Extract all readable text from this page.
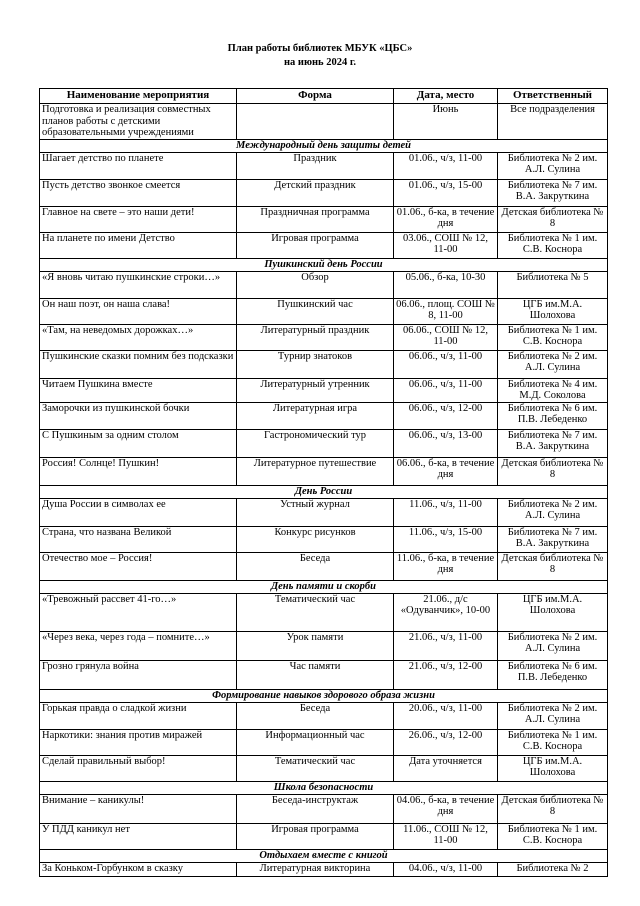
План работы библиотек МБУК «ЦБС»
на июнь 2024 г.
Наименование мероприятия	Форма	Дата, место	Ответственный
Подготовка и реализация совместных планов работы с детскими образовательными учреждениями		Июнь	Все подразделения
Международный день защиты детей			
Шагает детство по планете	Праздник	01.06., ч/з, 11-00	Библиотека № 2 им. А.Л. Сулина
Пусть детство звонкое смеется	Детский праздник	01.06., ч/з, 15-00	Библиотека № 7 им. В.А. Закруткина
Главное на свете – это наши дети!	Праздничная программа	01.06., б-ка, в течение дня	Детская библиотека № 8
На планете по имени Детство	Игровая программа	03.06., СОШ № 12, 11-00	Библиотека № 1 им. С.В. Коснора
Пушкинский день России			
«Я вновь читаю пушкинские строки…»	Обзор	05.06., б-ка, 10-30	Библиотека № 5
Он наш поэт, он наша слава!	Пушкинский час	06.06., площ. СОШ № 8, 11-00	ЦГБ им.М.А. Шолохова
«Там, на неведомых дорожках…»	Литературный праздник	06.06., СОШ № 12, 11-00	Библиотека № 1 им. С.В. Коснора
Пушкинские сказки помним без подсказки	Турнир знатоков	06.06., ч/з, 11-00	Библиотека № 2 им. А.Л. Сулина
Читаем Пушкина вместе	Литературный утренник	06.06., ч/з, 11-00	Библиотека № 4 им. М.Д. Соколова
Заморочки из пушкинской бочки	Литературная игра	06.06., ч/з, 12-00	Библиотека № 6 им. П.В. Лебеденко
С Пушкиным за одним столом	Гастрономический тур	06.06., ч/з, 13-00	Библиотека № 7 им. В.А. Закруткина
Россия! Солнце! Пушкин!	Литературное путешествие	06.06., б-ка, в течение дня	Детская библиотека № 8
День России			
Душа России в символах ее	Устный журнал	11.06., ч/з, 11-00	Библиотека № 2 им. А.Л. Сулина
Страна, что названа Великой	Конкурс рисунков	11.06., ч/з, 15-00	Библиотека № 7 им. В.А. Закруткина
Отечество мое – Россия!	Беседа	11.06., б-ка, в течение дня	Детская библиотека № 8
День памяти и скорби			
«Тревожный рассвет 41-го…»	Тематический час	21.06., д/с «Одуванчик», 10-00	ЦГБ им.М.А. Шолохова
«Через века, через года – помните…»	Урок памяти	21.06., ч/з, 11-00	Библиотека № 2 им. А.Л. Сулина
Грозно грянула война	Час памяти	21.06., ч/з, 12-00	Библиотека № 6 им. П.В. Лебеденко
Формирование навыков здорового образа жизни			
Горькая правда о сладкой жизни	Беседа	20.06., ч/з, 11-00	Библиотека № 2 им. А.Л. Сулина
Наркотики: знания против миражей	Информационный час	26.06., ч/з, 12-00	Библиотека № 1 им. С.В. Коснора
Сделай правильный выбор!	Тематический час	Дата уточняется	ЦГБ им.М.А. Шолохова
Школа безопасности			
Внимание – каникулы!	Беседа-инструктаж	04.06., б-ка, в течение дня	Детская библиотека № 8
У ПДД каникул нет	Игровая программа	11.06., СОШ № 12, 11-00	Библиотека № 1 им. С.В. Коснора
Отдыхаем вместе с книгой			
За Коньком-Горбунком в сказку	Литературная викторина	04.06., ч/з, 11-00	Библиотека № 2
